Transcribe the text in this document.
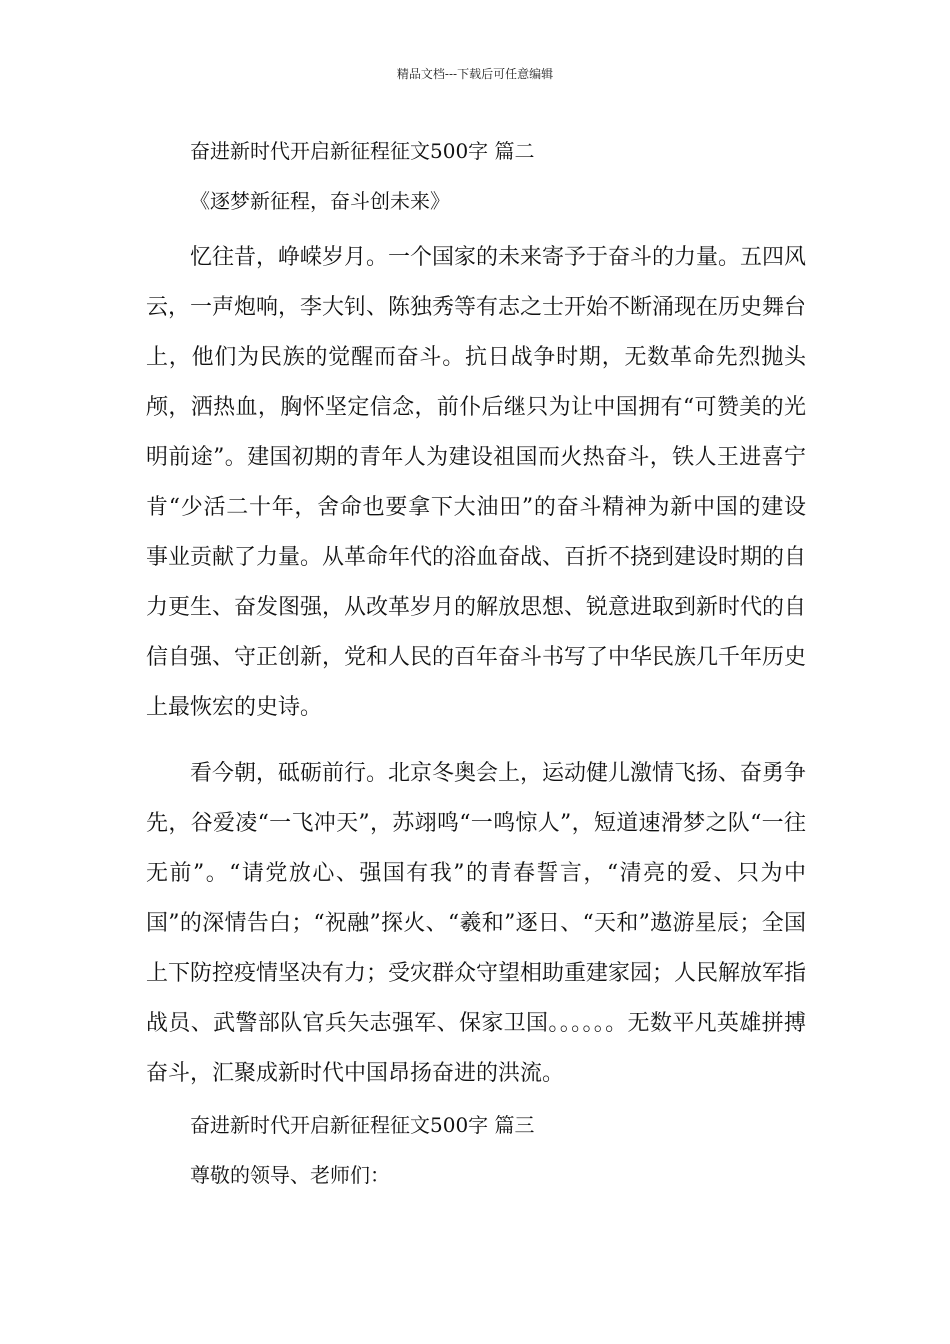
精品文档---下载后可任意编辑
奋进新时代开启新征程征文500字 篇二
《逐梦新征程，奋斗创未来》

忆往昔，峥嵘岁月。一个国家的未来寄予于奋斗的力量。五四风云，一声炮响，李大钊、陈独秀等有志之士开始不断涌现在历史舞台上，他们为民族的觉醒而奋斗。抗日战争时期，无数革命先烈抛头颅，洒热血，胸怀坚定信念，前仆后继只为让中国拥有“可赞美的光明前途”。建国初期的青年人为建设祖国而火热奋斗，铁人王进喜宁肯“少活二十年，舍命也要拿下大油田”的奋斗精神为新中国的建设事业贡献了力量。从革命年代的浴血奋战、百折不挠到建设时期的自力更生、奋发图强，从改革岁月的解放思想、锐意进取到新时代的自信自强、守正创新，党和人民的百年奋斗书写了中华民族几千年历史上最恢宏的史诗。

看今朝，砥砺前行。北京冬奥会上，运动健儿激情飞扬、奋勇争先，谷爱凌“一飞冲天”，苏翊鸣“一鸣惊人”，短道速滑梦之队“一往无前”。“请党放心、强国有我”的青春誓言，“清亮的爱、只为中国”的深情告白；“祝融”探火、“羲和”逐日、“天和”遨游星辰；全国上下防控疫情坚决有力；受灾群众守望相助重建家园；人民解放军指战员、武警部队官兵矢志强军、保家卫国。。。。。。无数平凡英雄拼搏奋斗，汇聚成新时代中国昂扬奋进的洪流。

奋进新时代开启新征程征文500字 篇三
尊敬的领导、老师们：
